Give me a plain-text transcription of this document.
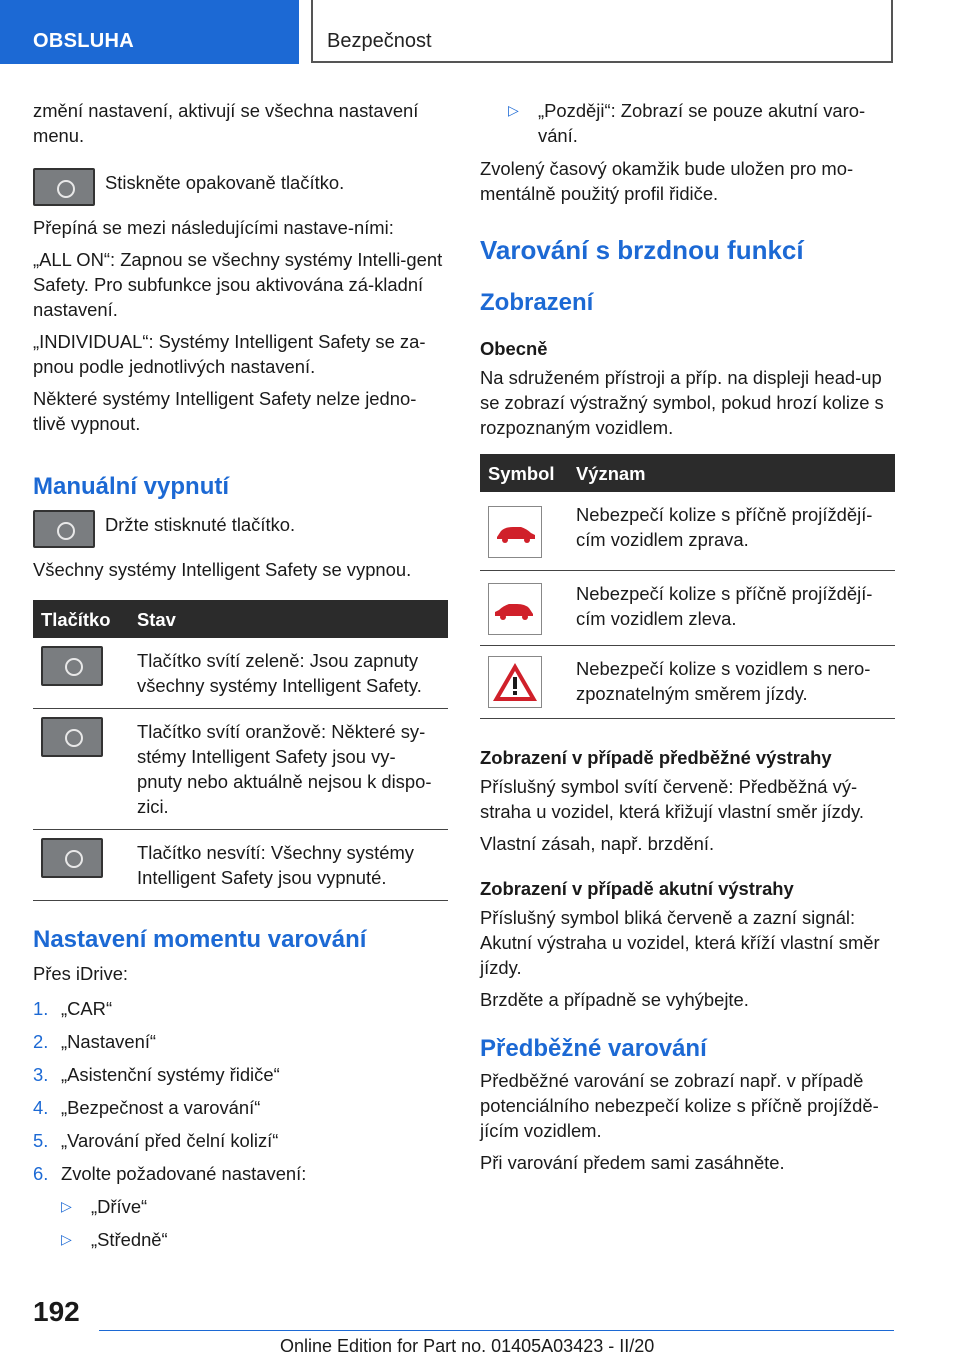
OBSLUHA	Bezpečnost

změní nastavení, aktivují se všechna nastavení menu.

Stiskněte opakovaně tlačítko.

Přepíná se mezi následujícími nastave-ními:

„ALL ON“: Zapnou se všechny systémy Intelli-gent Safety. Pro subfunkce jsou aktivována zá-kladní nastavení.

„INDIVIDUAL“: Systémy Intelligent Safety se za-pnou podle jednotlivých nastavení.

Některé systémy Intelligent Safety nelze jedno-tlivě vypnout.

Manuální vypnutí
Držte stisknuté tlačítko.

Všechny systémy Intelligent Safety se vypnou.

Tlačítko	Stav

	Tlačítko svítí zeleně: Jsou zapnuty všechny systémy Intelligent Safety.

	Tlačítko svítí oranžově: Některé sy-stémy Intelligent Safety jsou vy-pnuty nebo aktuálně nejsou k dispo-zici.

	Tlačítko nesvítí: Všechny systémy Intelligent Safety jsou vypnuté.
Nastavení momentu varování

Přes iDrive:

1. „CAR“
2. „Nastavení“
3. „Asistenční systémy řidiče“
4. „Bezpečnost a varování“
5. „Varování před čelní kolizí“
6. Zvolte požadované nastavení:
▷	„Dříve“
▷	„Středně“
▷	„Později“: Zobrazí se pouze akutní varo-vání.

Zvolený časový okamžik bude uložen pro mo-mentálně použitý profil řidiče.

Varování s brzdnou funkcí
Zobrazení
Obecně

Na sdruženém přístroji a příp. na displeji head-up se zobrazí výstražný symbol, pokud hrozí kolize s rozpoznaným vozidlem.

Symbol	Význam

	Nebezpečí kolize s příčně projíždějí-cím vozidlem zprava.

	Nebezpečí kolize s příčně projíždějí-cím vozidlem zleva.

	Nebezpečí kolize s vozidlem s nero-zpoznatelným směrem jízdy.
Zobrazení v případě předběžné výstrahy

Příslušný symbol svítí červeně: Předběžná vý-straha u vozidel, která křižují vlastní směr jízdy.

Vlastní zásah, např. brzdění.

Zobrazení v případě akutní výstrahy

Příslušný symbol bliká červeně a zazní signál: Akutní výstraha u vozidel, která kříží vlastní směr jízdy.

Brzděte a případně se vyhýbejte.

Předběžné varování

Předběžné varování se zobrazí např. v případě potenciálního nebezpečí kolize s příčně projíždě-jícím vozidlem.

Při varování předem sami zasáhněte.

192
Online Edition for Part no. 01405A03423 - II/20
